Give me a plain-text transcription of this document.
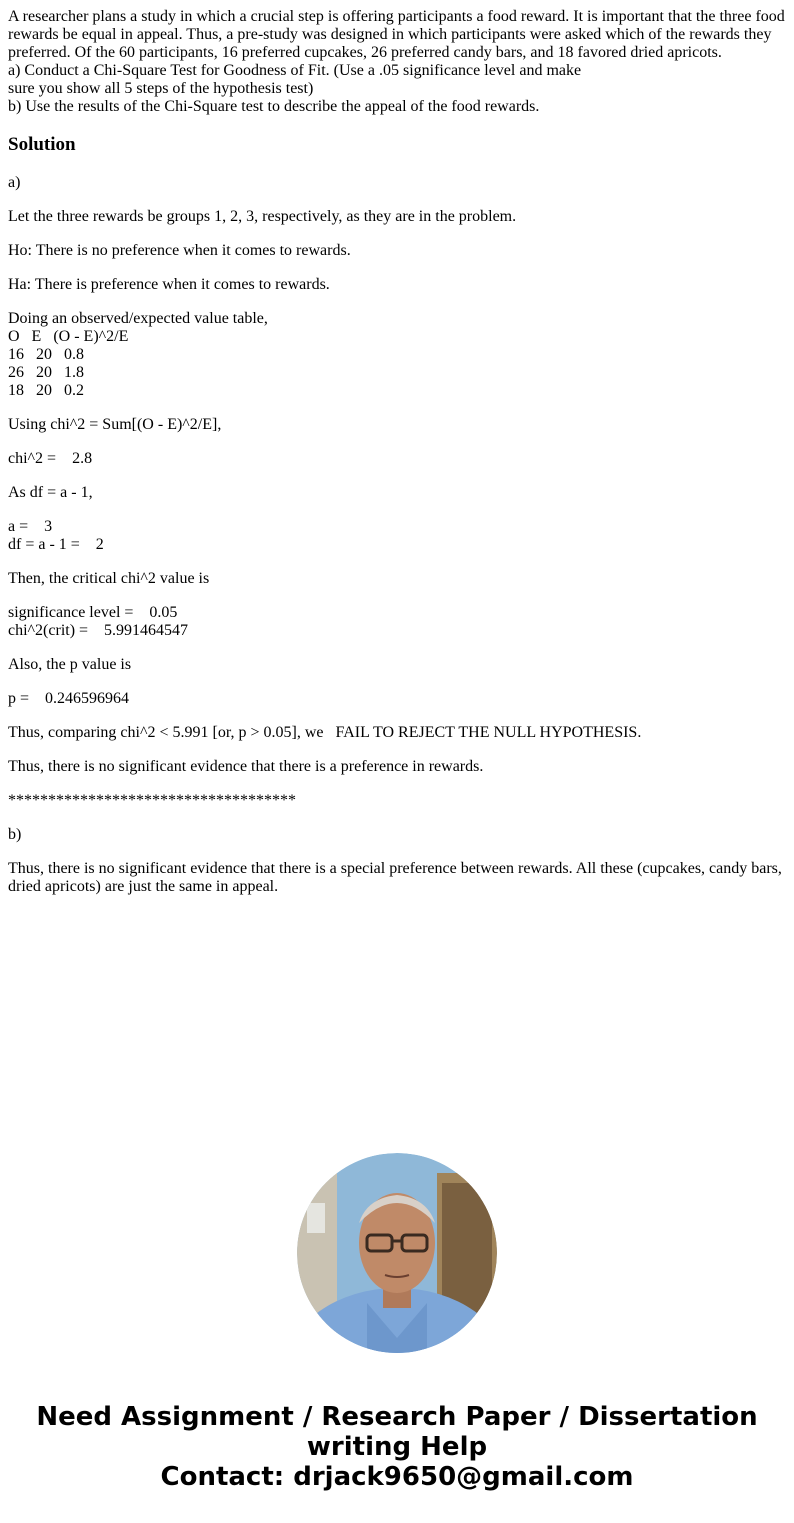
A researcher plans a study in which a crucial step is offering participants a food reward. It is important that the three food rewards be equal in appeal. Thus, a pre-study was designed in which participants were asked which of the rewards they preferred. Of the 60 participants, 16 preferred cupcakes, 26 preferred candy bars, and 18 favored dried apricots.

a) Conduct a Chi-Square Test for Goodness of Fit. (Use a .05 significance level and make

sure you show all 5 steps of the hypothesis test)

b) Use the results of the Chi-Square test to describe the appeal of the food rewards.

Solution

a)

Let the three rewards be groups 1, 2, 3, respectively, as they are in the problem.

Ho: There is no preference when it comes to rewards.

Ha: There is preference when it comes to rewards.

Doing an observed/expected value table,

O   E   (O - E)^2/E

16   20   0.8

26   20   1.8

18   20   0.2

Using chi^2 = Sum[(O - E)^2/E],

chi^2 =    2.8

As df = a - 1,

a =    3

df = a - 1 =    2

Then, the critical chi^2 value is

significance level =    0.05

chi^2(crit) =    5.991464547

Also, the p value is

p =    0.246596964

Thus, comparing chi^2 < 5.991 [or, p > 0.05], we   FAIL TO REJECT THE NULL HYPOTHESIS.

Thus, there is no significant evidence that there is a preference in rewards.

************************************

b)

Thus, there is no significant evidence that there is a special preference between rewards. All these (cupcakes, candy bars, dried apricots) are just the same in appeal.

Need Assignment / Research Paper / Dissertation
writing Help
Contact: drjack9650@gmail.com
